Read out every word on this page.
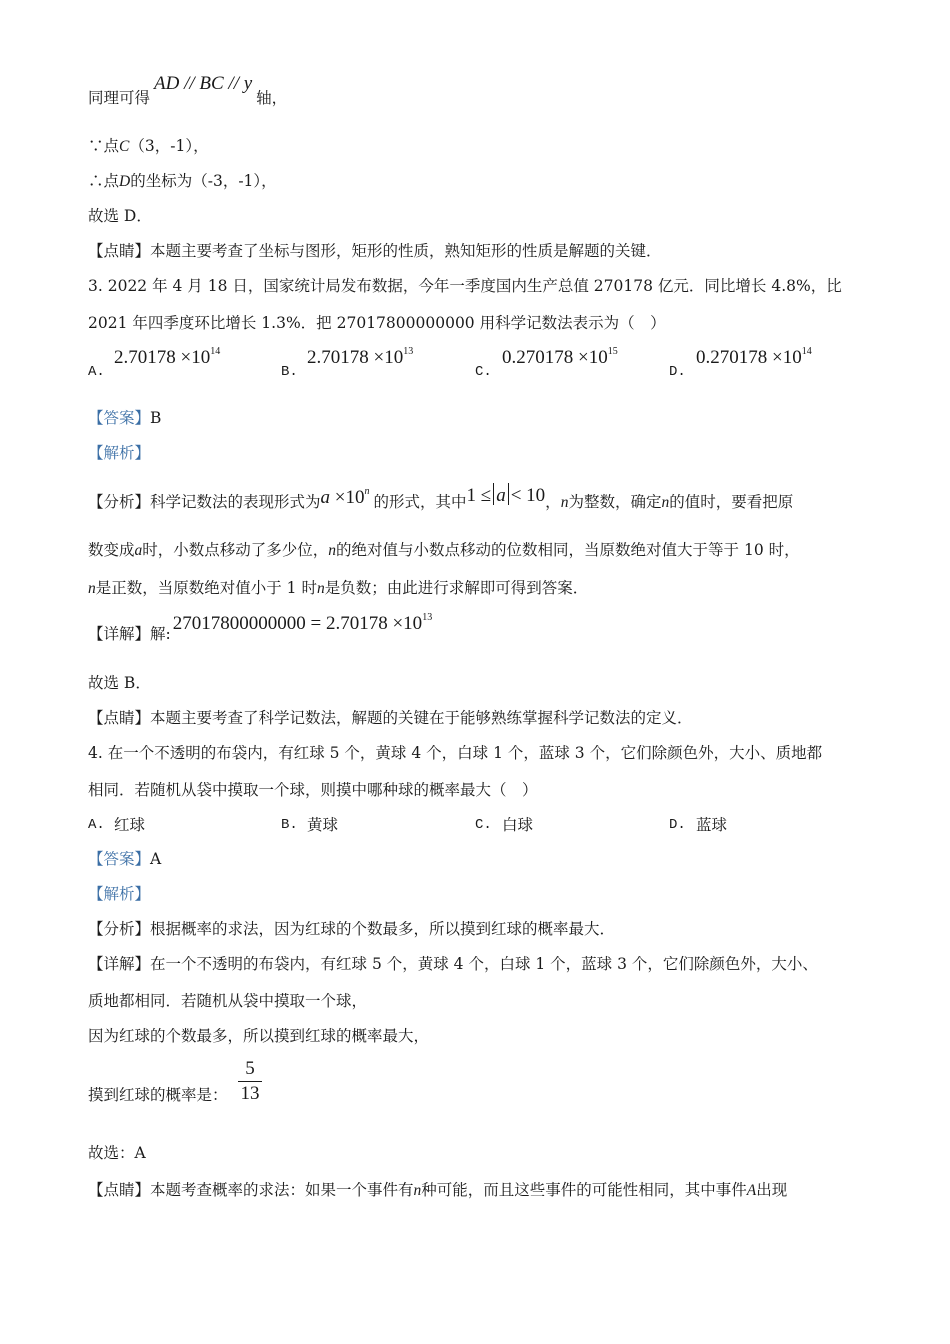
同理可得AD // BC // y轴，
∵点C（3，-1），
∴点D的坐标为（-3，-1），
故选 D．
【点睛】本题主要考查了坐标与图形，矩形的性质，熟知矩形的性质是解题的关键．
3. 2022 年 4 月 18 日，国家统计局发布数据，今年一季度国内生产总值 270178 亿元．同比增长 4.8%，比
2021 年四季度环比增长 1.3%．把 27017800000000 用科学记数法表示为（　）
A.
$2.70178 \times 10^{14}$
B.
$2.70178 \times 10^{13}$
C.
$0.270178 \times 10^{15}$
D.
$0.270178 \times 10^{14}$
【答案】B
【解析】
【分析】科学记数法的表现形式为$a \times 10^n$的形式，其中1 ≤ a < 10，n为整数，确定n的值时，要看把原
数变成a时，小数点移动了多少位，n的绝对值与小数点移动的位数相同，当原数绝对值大于等于 10 时，
n是正数，当原数绝对值小于 1 时n是负数；由此进行求解即可得到答案．
【详解】解: $27017800000000 = 2.70178 \times 10^{13}$
故选 B．
【点睛】本题主要考查了科学记数法，解题的关键在于能够熟练掌握科学记数法的定义．
4. 在一个不透明的布袋内，有红球 5 个，黄球 4 个，白球 1 个，蓝球 3 个，它们除颜色外，大小、质地都
相同．若随机从袋中摸取一个球，则摸中哪种球的概率最大（　）
A. 红球	B. 黄球	C. 白球	D. 蓝球
【答案】A
【解析】
【分析】根据概率的求法，因为红球的个数最多，所以摸到红球的概率最大．
【详解】在一个不透明的布袋内，有红球 5 个，黄球 4 个，白球 1 个，蓝球 3 个，它们除颜色外，大小、
质地都相同．若随机从袋中摸取一个球，
因为红球的个数最多，所以摸到红球的概率最大，
摸到红球的概率是：
5
13
故选：A
【点睛】本题考查概率的求法：如果一个事件有n种可能，而且这些事件的可能性相同，其中事件A出现
